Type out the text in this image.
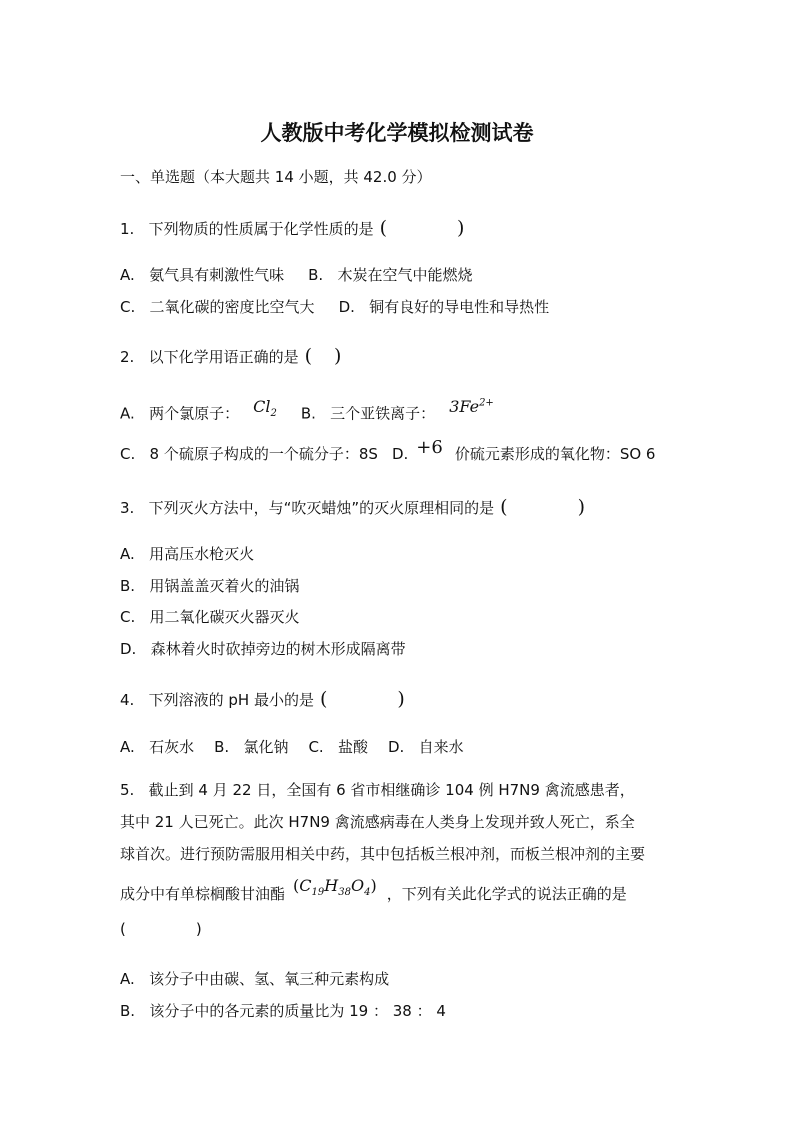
人教版中考化学模拟检测试卷
一、单选题（本大题共 14 小题，共 42.0 分）
1.   下列物质的性质属于化学性质的是 (	)
A.   氨气具有刺激性气味 B.   木炭在空气中能燃烧
C.   二氧化碳的密度比空气大 D.   铜有良好的导电性和导热性
2.   以下化学用语正确的是 ( )
A.   两个氯原子： $Cl_2$ B.   三个亚铁离子： $3Fe^{2+}$
C.   8 个硫原子构成的一个硫分子：8S D. +6 价硫元素形成的氧化物：SO 6
3.   下列灭火方法中，与“吹灭蜡烛”的灭火原理相同的是 (	)
A.   用高压水枪灭火
B.   用锅盖盖灭着火的油锅
C.   用二氧化碳灭火器灭火
D.   森林着火时砍掉旁边的树木形成隔离带
4.   下列溶液的 pH 最小的是 (	)
A.   石灰水 B.   氯化钠 C.   盐酸 D.   自来水
5.   截止到 4 月 22 日，全国有 6 省市相继确诊 104 例 H7N9 禽流感患者，
其中 21 人已死亡。此次 H7N9 禽流感病毒在人类身上发现并致人死亡，系全
球首次。进行预防需服用相关中药，其中包括板兰根冲剂，而板兰根冲剂的主要
成分中有单棕榈酸甘油酯 $(C_{19}H_{38}O_4)$ ，下列有关此化学式的说法正确的是
(	)
A.   该分子中由碳、氢、氧三种元素构成
B.   该分子中的各元素的质量比为 19 ： 38 ： 4
